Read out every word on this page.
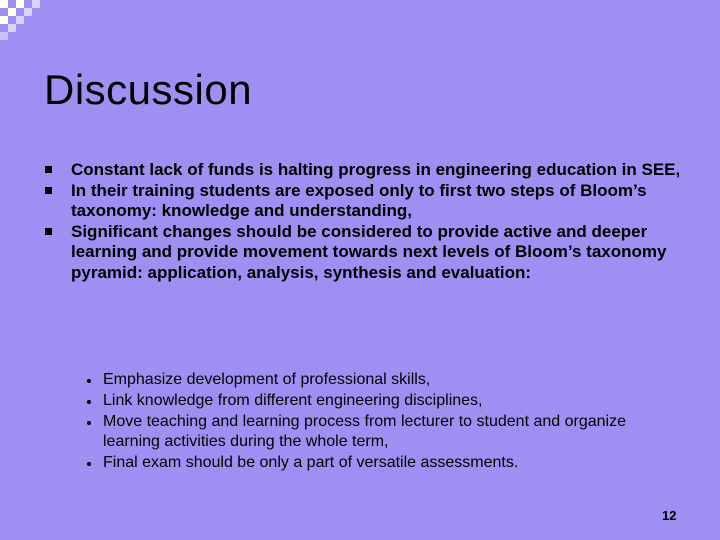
Discussion
Constant lack of funds is halting progress in engineering education in SEE,
In their training students are exposed only to first two steps of Bloom’s taxonomy: knowledge and understanding,
Significant changes should be considered to provide active and deeper learning and provide movement towards next levels of Bloom’s taxonomy pyramid: application, analysis, synthesis and evaluation:
Emphasize development of professional skills,
Link knowledge from different engineering disciplines,
Move teaching and learning process from lecturer to student and organize learning activities during the whole term,
Final exam should be only a part of versatile assessments.
12
